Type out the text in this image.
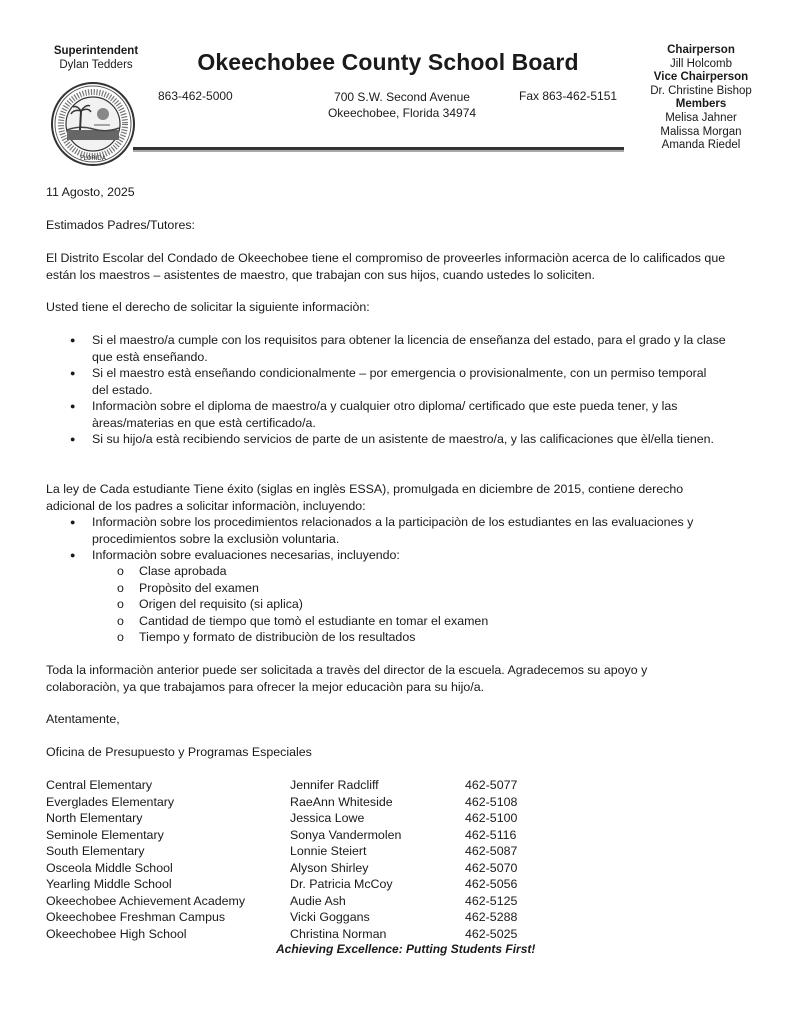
Superintendent
Dylan Tedders	Okeechobee County School Board
863-462-5000	700 S.W. Second Avenue
Okeechobee, Florida 34974
Fax 863-462-5151
FLORIDA
Chairperson
Jill Holcomb
Vice Chairperson
Dr. Christine Bishop
Members
Melisa Jahner
Malissa Morgan
Amanda Riedel
11 Agosto, 2025
Estimados Padres/Tutores:
El Distrito Escolar del Condado de Okeechobee tiene el compromiso de proveerles informaciòn acerca de lo calificados que están los maestros – asistentes de maestro, que trabajan con sus hijos, cuando ustedes lo soliciten.
Usted tiene el derecho de solicitar la siguiente informaciòn:
● Si el maestro/a cumple con los requisitos para obtener la licencia de enseñanza del estado, para el grado y la clase que està enseñando.
● Si el maestro està enseñando condicionalmente – por emergencia o provisionalmente, con un permiso temporal del estado.
● Informaciòn sobre el diploma de maestro/a y cualquier otro diploma/ certificado que este pueda tener, y las àreas/materias en que està certificado/a.
● Si su hijo/a està recibiendo servicios de parte de un asistente de maestro/a, y las calificaciones que èl/ella tienen.
La ley de Cada estudiante Tiene éxito (siglas en inglès ESSA), promulgada en diciembre de 2015, contiene derecho adicional de los padres a solicitar informaciòn, incluyendo:
● Informaciòn sobre los procedimientos relacionados a la participaciòn de los estudiantes en las evaluaciones y procedimientos sobre la exclusiòn voluntaria.
● Informaciòn sobre evaluaciones necesarias, incluyendo:
o Clase aprobada
o Propòsito del examen
o Origen del requisito (si aplica)
o Cantidad de tiempo que tomò el estudiante en tomar el examen
o Tiempo y formato de distribuciòn de los resultados
Toda la informaciòn anterior puede ser solicitada a travès del director de la escuela. Agradecemos su apoyo y colaboraciòn, ya que trabajamos para ofrecer la mejor educaciòn para su hijo/a.
Atentamente,
Oficina de Presupuesto y Programas Especiales
Central Elementary	Jennifer Radcliff	462-5077
Everglades Elementary	RaeAnn Whiteside	462-5108
North Elementary	Jessica Lowe	462-5100
Seminole Elementary	Sonya Vandermolen	462-5116
South Elementary	Lonnie Steiert	462-5087
Osceola Middle School	Alyson Shirley	462-5070
Yearling Middle School	Dr. Patricia McCoy	462-5056
Okeechobee Achievement Academy	Audie Ash	462-5125
Okeechobee Freshman Campus	Vicki Goggans	462-5288
Okeechobee High School	Christina Norman	462-5025
Achieving Excellence: Putting Students First!
